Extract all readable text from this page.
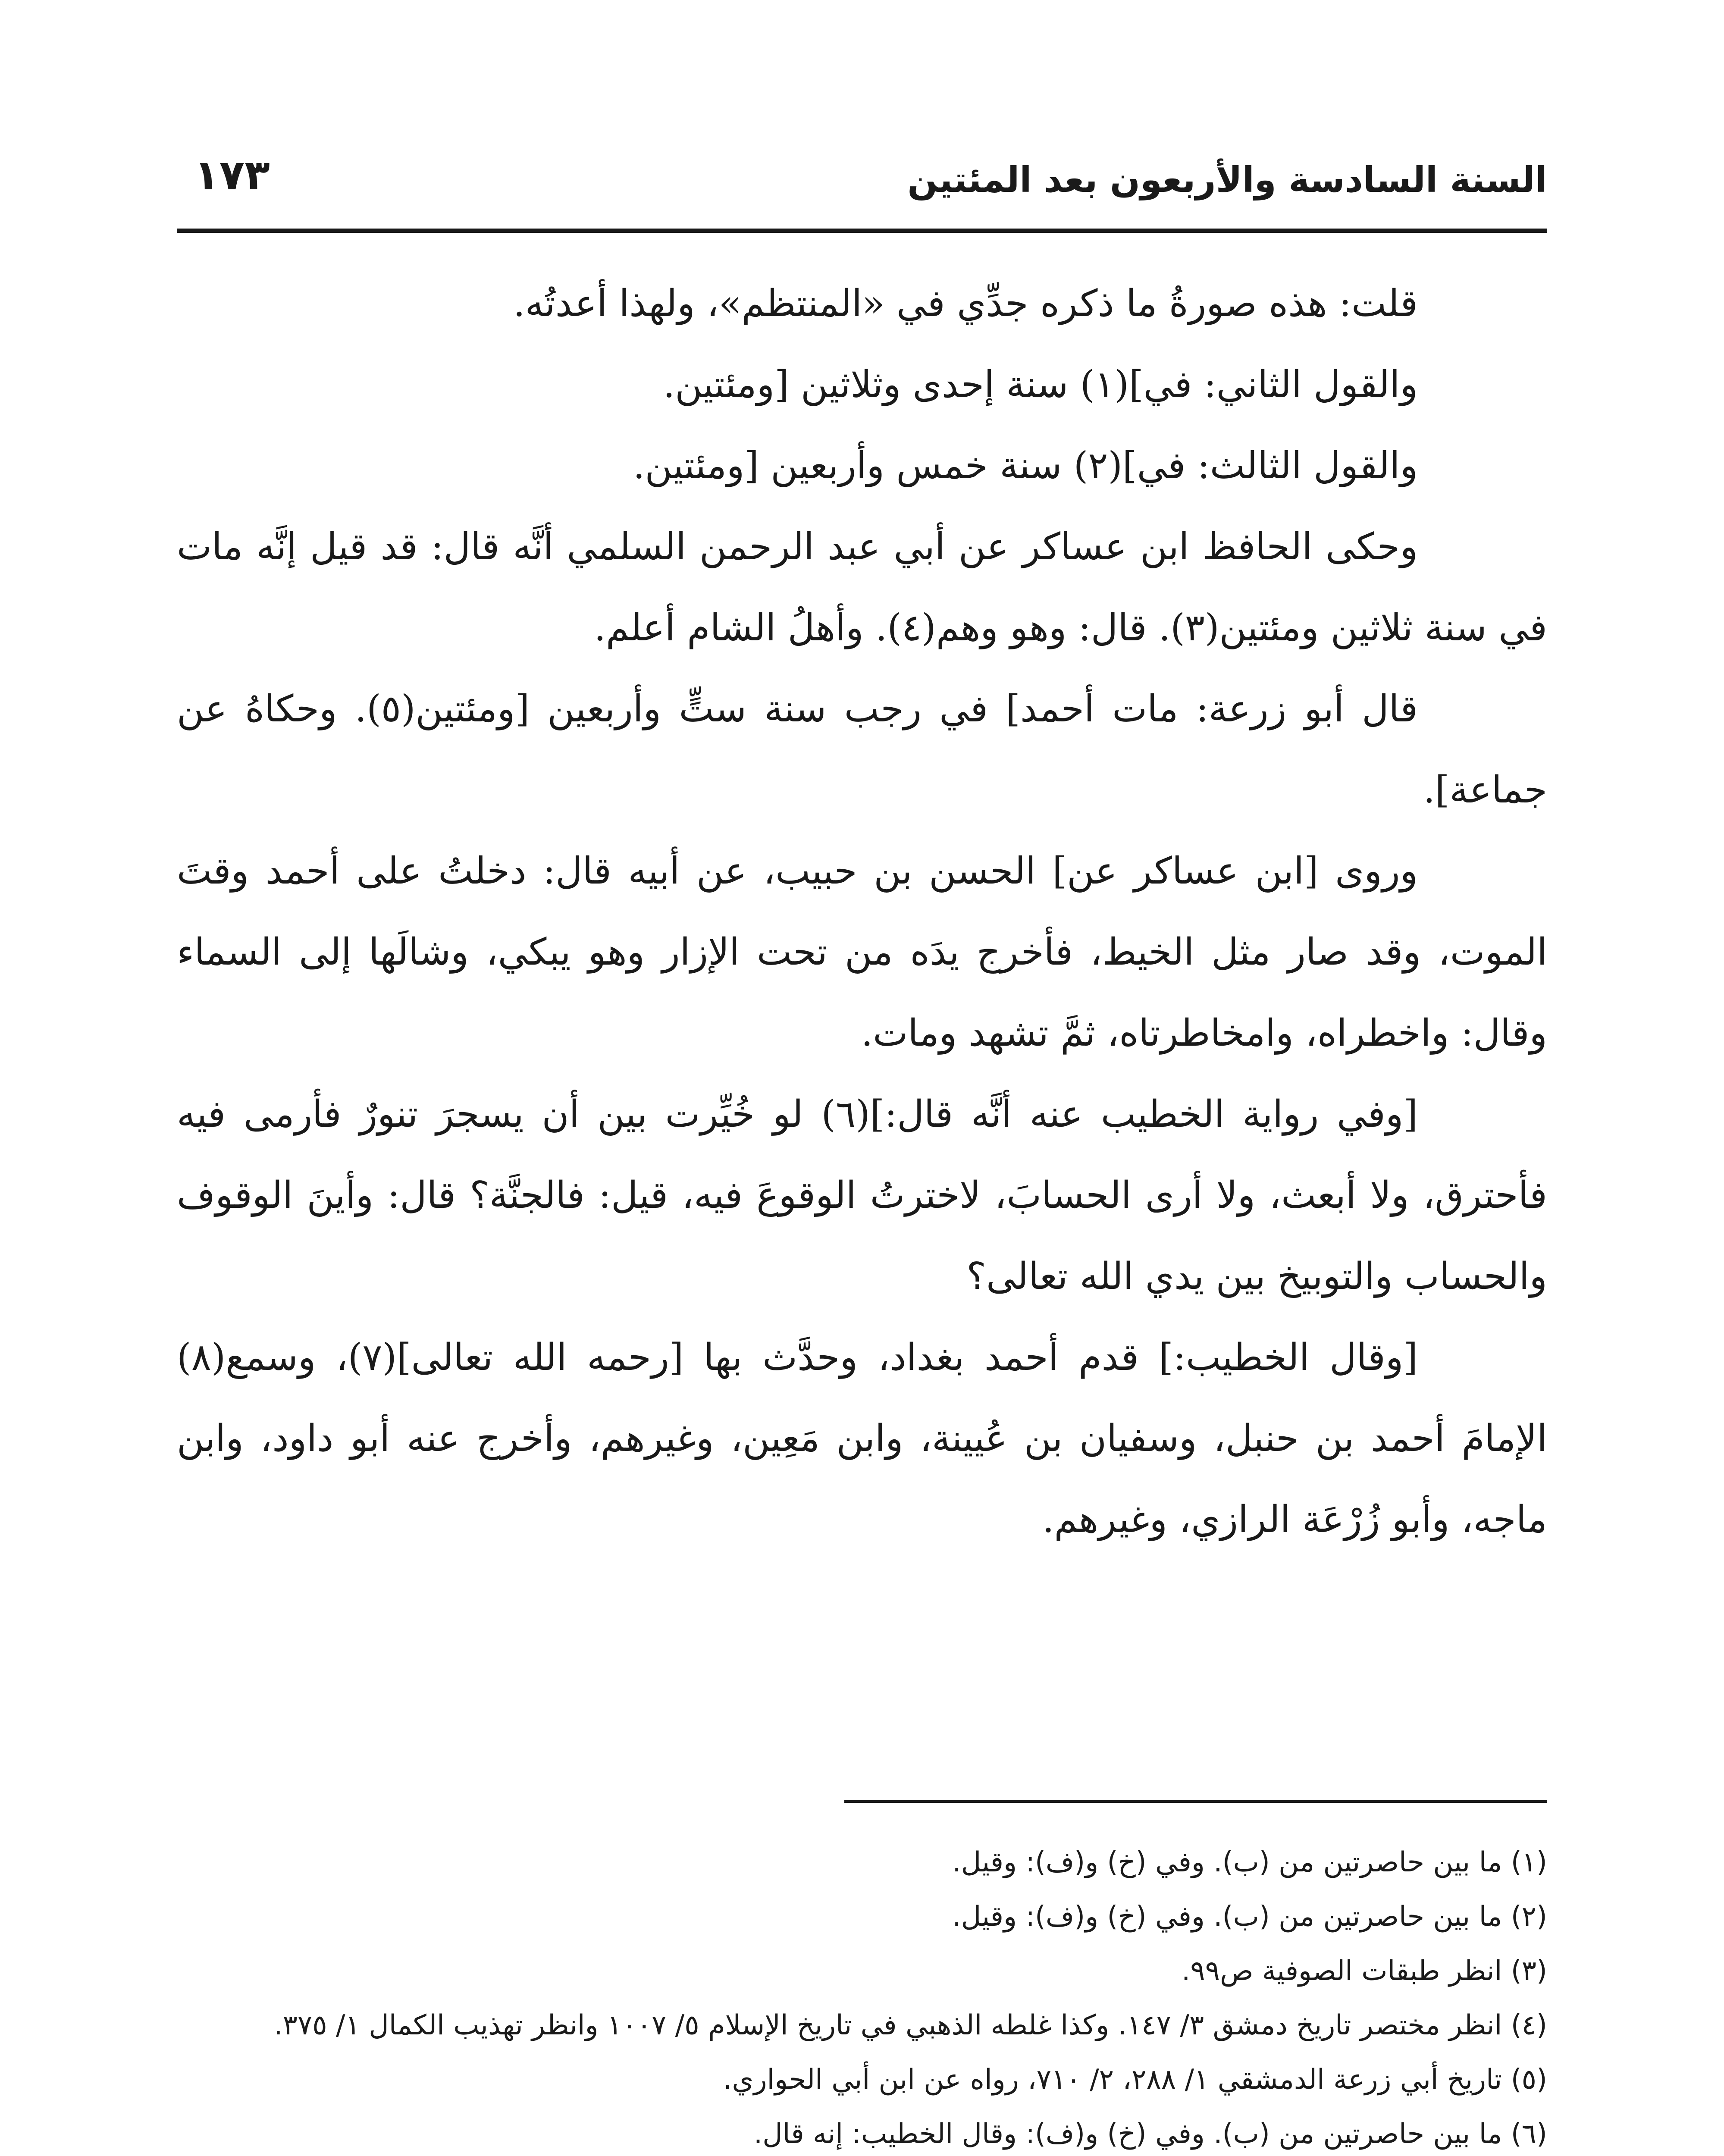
السنة السادسة والأربعون بعد المئتين
١٧٣

قلت: هذه صورةُ ما ذكره جدِّي في «المنتظم»، ولهذا أعدتُه.

والقول الثاني: في](١) سنة إحدى وثلاثين [ومئتين.

والقول الثالث: في](٢) سنة خمس وأربعين [ومئتين.

وحكى الحافظ ابن عساكر عن أبي عبد الرحمن السلمي أنَّه قال: قد قيل إنَّه مات في سنة ثلاثين ومئتين(٣). قال: وهو وهم(٤). وأهلُ الشام أعلم.

قال أبو زرعة: مات أحمد] في رجب سنة ستٍّ وأربعين [ومئتين(٥). وحكاهُ عن جماعة].

وروى [ابن عساكر عن] الحسن بن حبيب، عن أبيه قال: دخلتُ على أحمد وقتَ الموت، وقد صار مثل الخيط، فأخرج يدَه من تحت الإزار وهو يبكي، وشالَها إلى السماء وقال: واخطراه، وامخاطرتاه، ثمَّ تشهد ومات.

[وفي رواية الخطيب عنه أنَّه قال:](٦) لو خُيِّرت بين أن يسجرَ تنورٌ فأرمى فيه فأحترق، ولا أبعث، ولا أرى الحسابَ، لاخترتُ الوقوعَ فيه، قيل: فالجنَّة؟ قال: وأينَ الوقوف والحساب والتوبيخ بين يدي الله تعالى؟

[وقال الخطيب:] قدم أحمد بغداد، وحدَّث بها [رحمه الله تعالى](٧)، وسمع(٨) الإمامَ أحمد بن حنبل، وسفيان بن عُيينة، وابن مَعِين، وغيرهم، وأخرج عنه أبو داود، وابن ماجه، وأبو زُرْعَة الرازي، وغيرهم.

(١) ما بين حاصرتين من (ب). وفي (خ) و(ف): وقيل.

(٢) ما بين حاصرتين من (ب). وفي (خ) و(ف): وقيل.

(٣) انظر طبقات الصوفية ص٩٩.

(٤) انظر مختصر تاريخ دمشق ٣/ ١٤٧. وكذا غلطه الذهبي في تاريخ الإسلام ٥/ ١٠٠٧ وانظر تهذيب الكمال ١/ ٣٧٥.

(٥) تاريخ أبي زرعة الدمشقي ١/ ٢٨٨، ٢/ ٧١٠، رواه عن ابن أبي الحواري.

(٦) ما بين حاصرتين من (ب). وفي (خ) و(ف): وقال الخطيب: إنه قال.
